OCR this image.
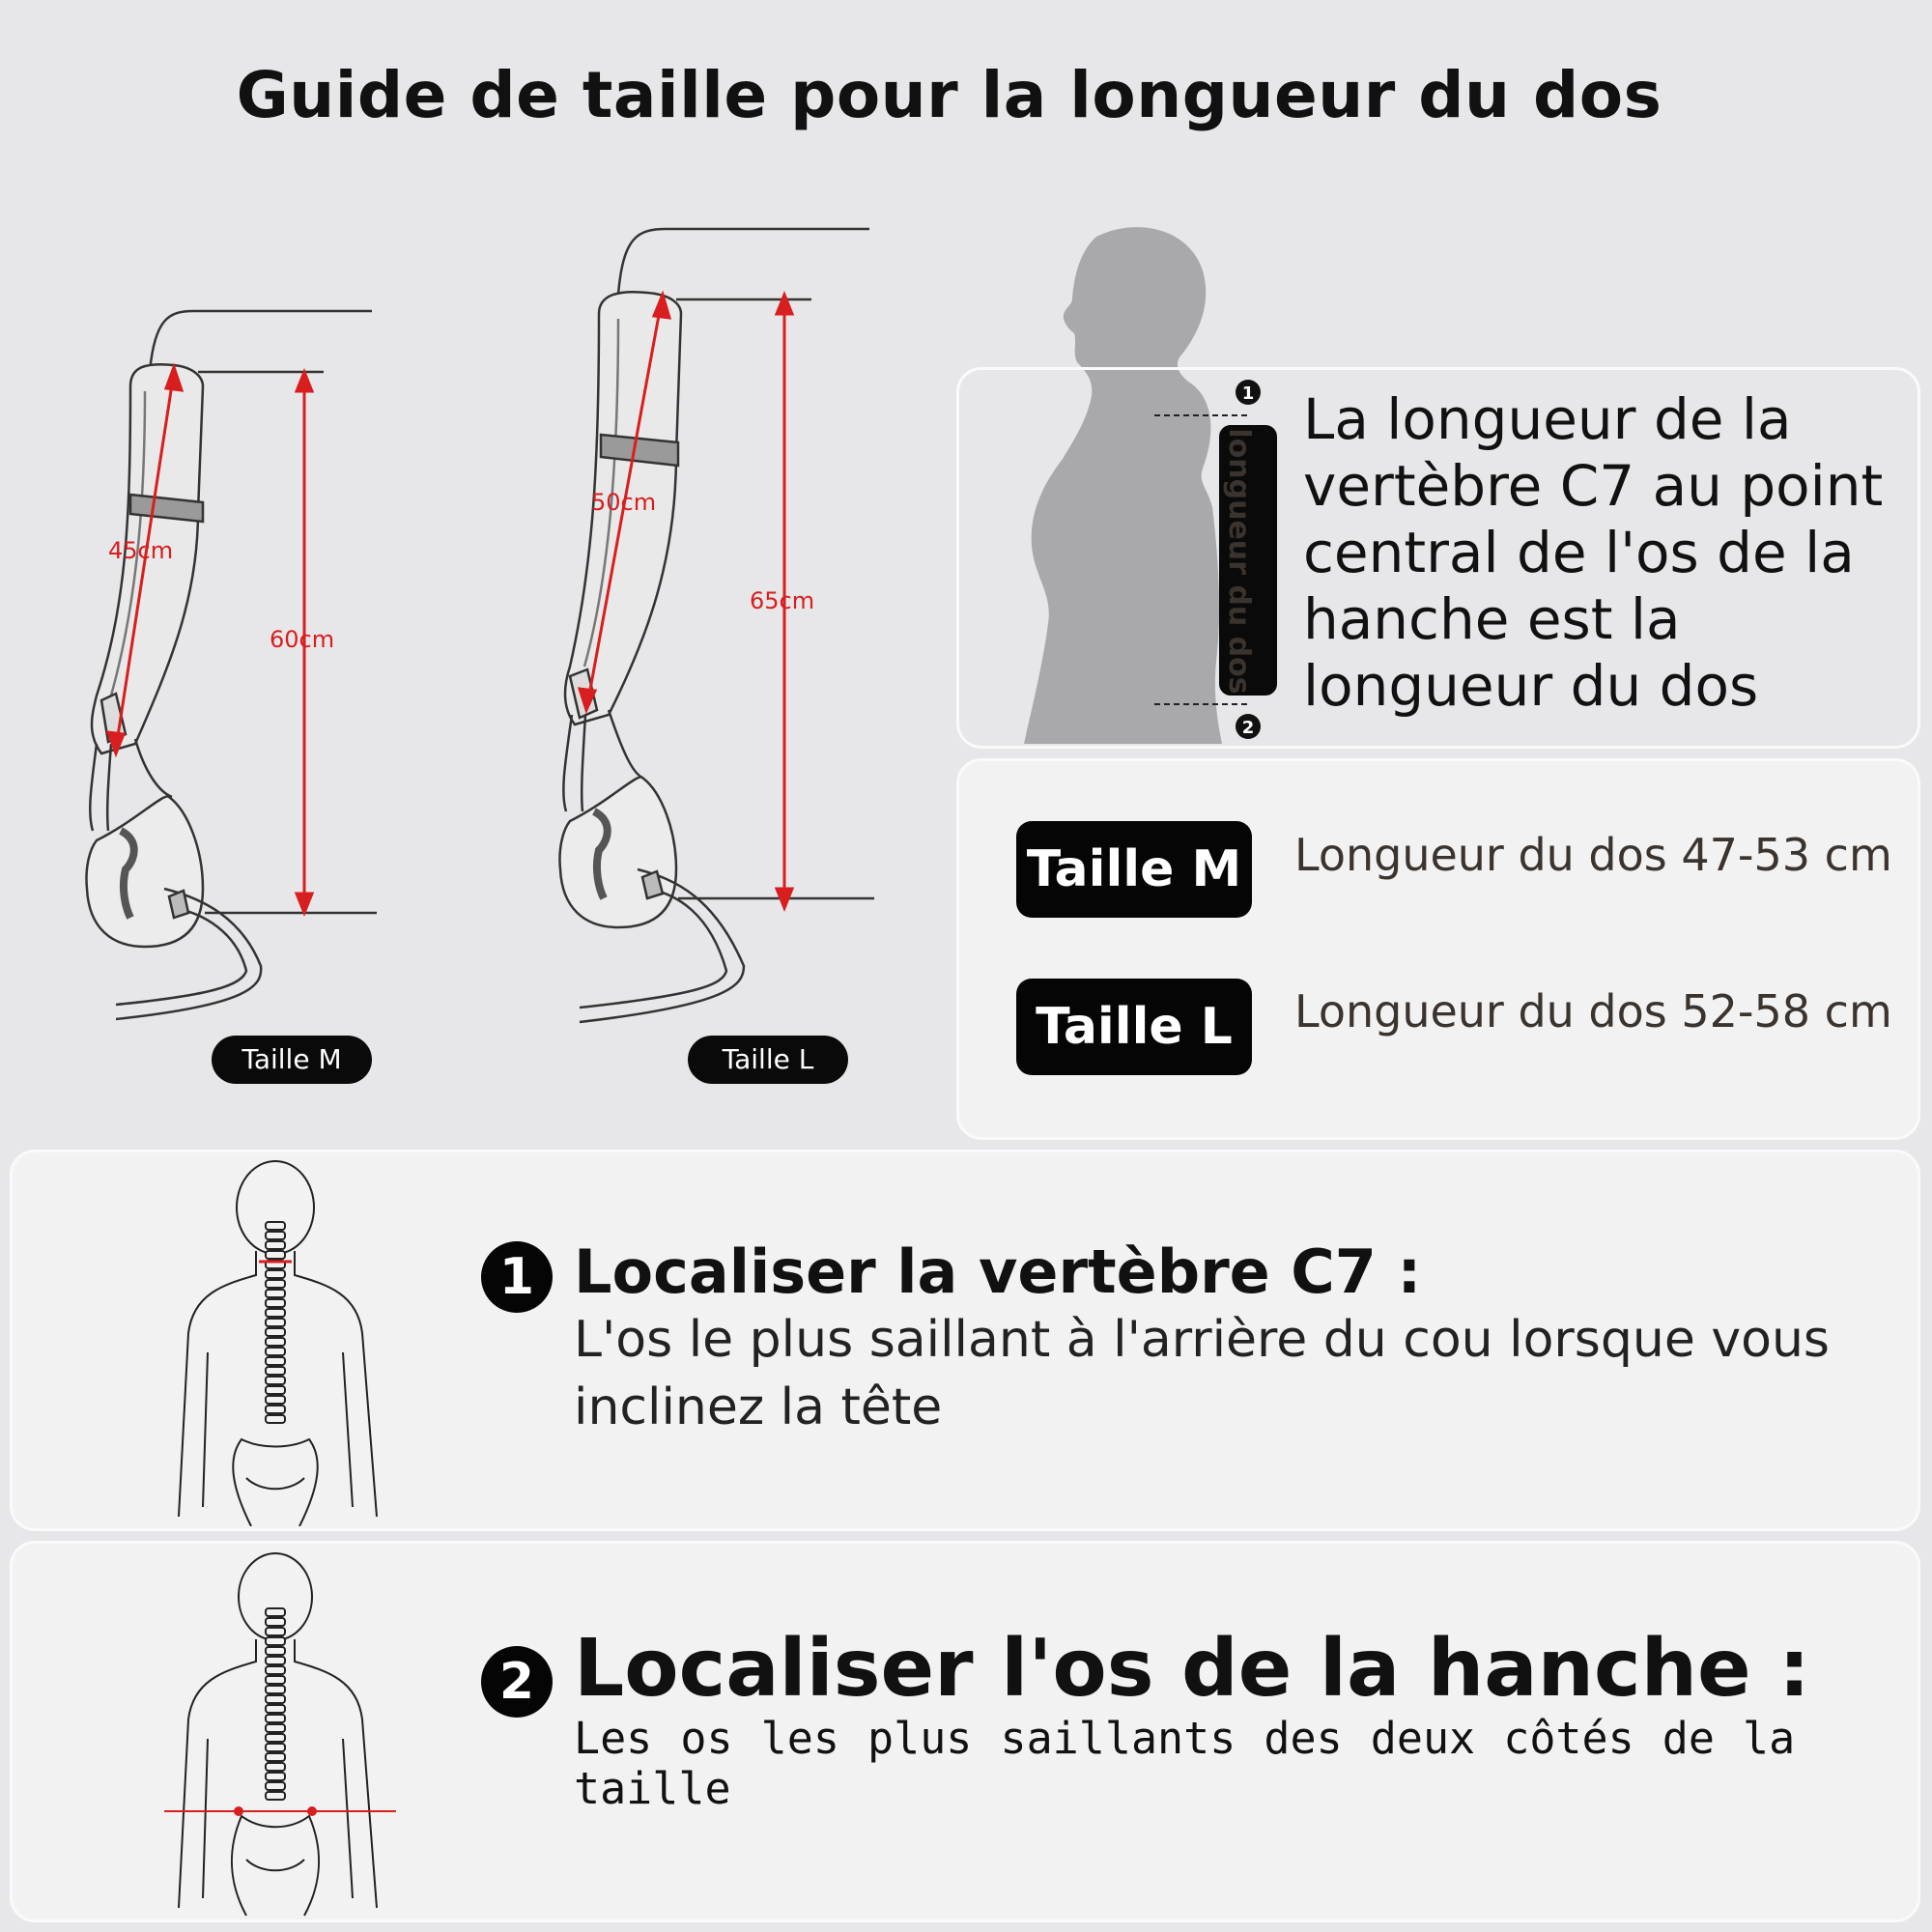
Guide de taille pour la longueur du dos
45cm
60cm
50cm
65cm
Taille M	Taille L
1
2
longueur du dos
La longueur de la vertèbre C7 au point central de l'os de la hanche est la longueur du dos
Taille M Longueur du dos 47-53 cm
Taille L	Longueur du dos 52-58 cm
1 Localiser la vertèbre C7 :
L'os le plus saillant à l'arrière du cou lorsque vous inclinez la tête
2 Localiser l'os de la hanche :
Les os les plus saillants des deux côtés de la taille
